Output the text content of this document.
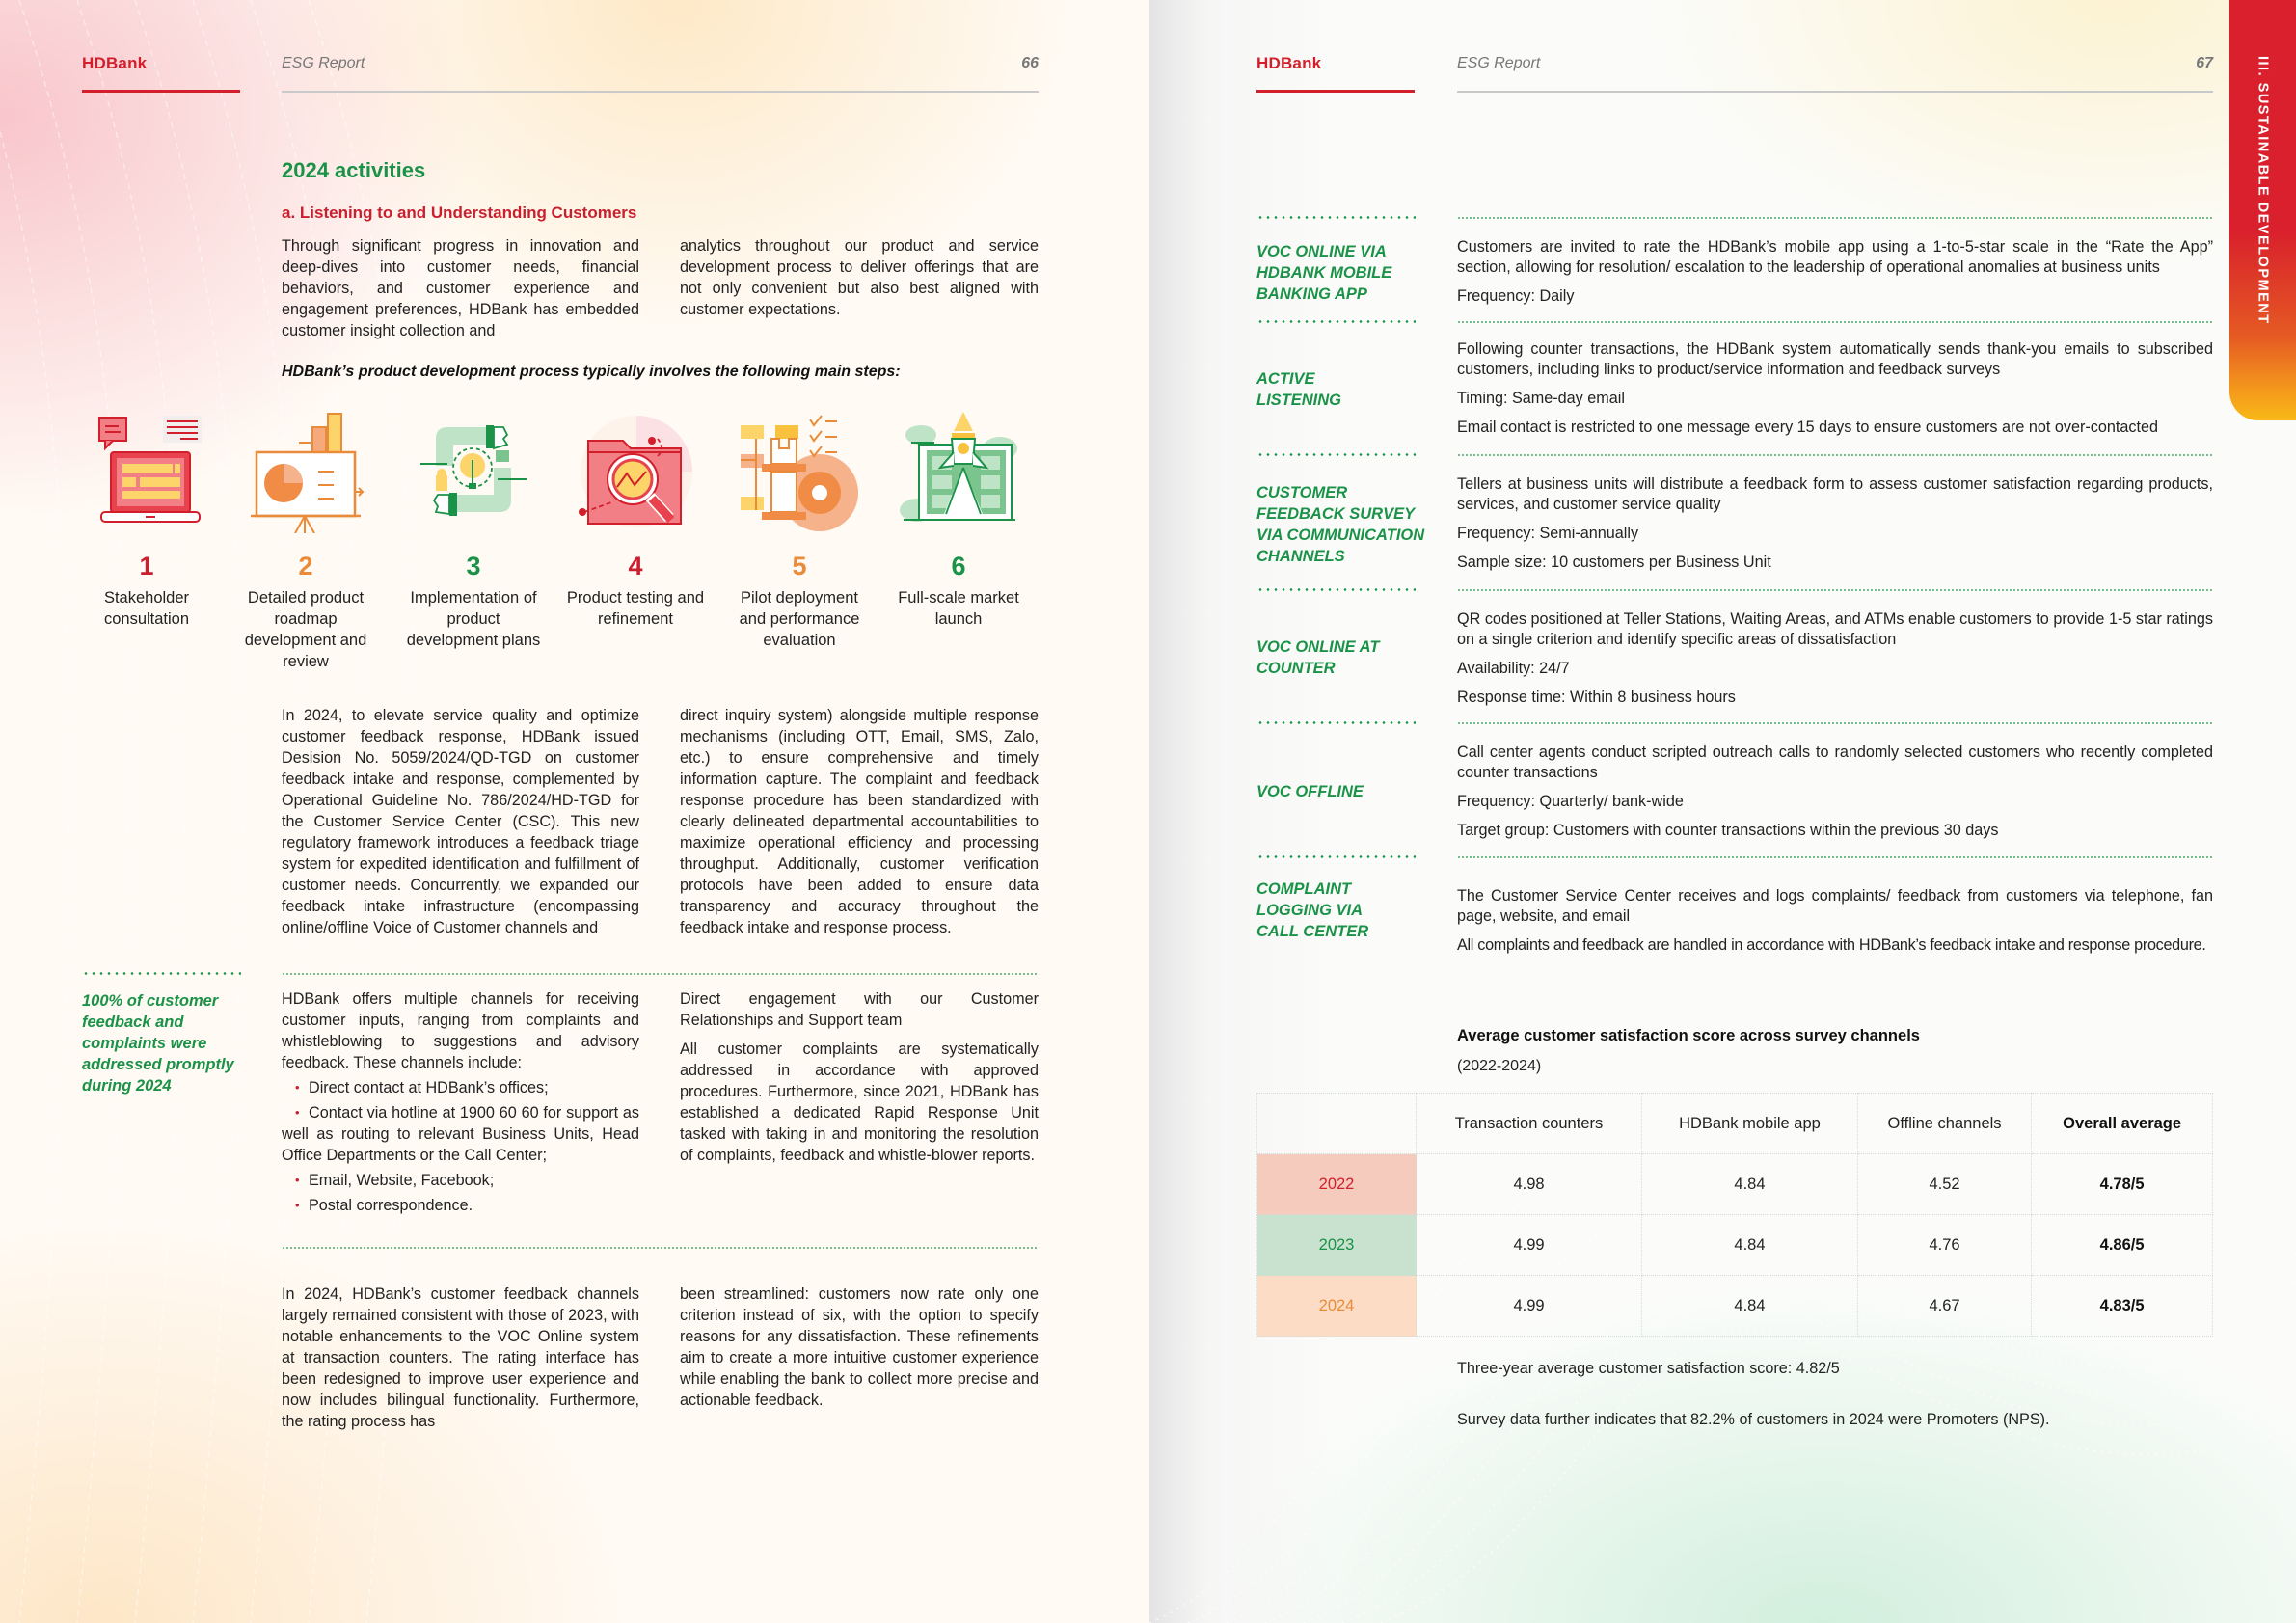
HDBank	ESG Report	66
2024 activities
a. Listening to and Understanding Customers
Through significant progress in innovation and deep-dives into customer needs, financial behaviors, and customer experience and engagement preferences, HDBank has embedded customer insight collection and
analytics throughout our product and service development process to deliver offerings that are not only convenient but also best aligned with customer expectations.
HDBank’s product development process typically involves the following main steps:
1
Stakeholder consultation
2
Detailed product roadmap development and review
3
Implementation of product development plans
4
Product testing and refinement
5
Pilot deployment and performance evaluation
6
Full-scale market launch
In 2024, to elevate service quality and optimize customer feedback response, HDBank issued Desision No. 5059/2024/QD-TGD on customer feedback intake and response, complemented by Operational Guideline No. 786/2024/HD-TGD for the Customer Service Center (CSC). This new regulatory framework introduces a feedback triage system for expedited identification and fulfillment of customer needs. Concurrently, we expanded our feedback intake infrastructure (encompassing online/offline Voice of Customer channels and
direct inquiry system) alongside multiple response mechanisms (including OTT, Email, SMS, Zalo, etc.) to ensure comprehensive and timely information capture. The complaint and feedback response procedure has been standardized with clearly delineated departmental accountabilities to maximize operational efficiency and processing throughput. Additionally, customer verification protocols have been added to ensure data transparency and accuracy throughout the feedback intake and response process.
100% of customer feedback and complaints were addressed promptly during 2024
HDBank offers multiple channels for receiving customer inputs, ranging from complaints and whistleblowing to suggestions and advisory feedback. These channels include:
• Direct contact at HDBank’s offices;
• Contact via hotline at 1900 60 60 for support as well as routing to relevant Business Units, Head Office Departments or the Call Center;
• Email, Website, Facebook;
• Postal correspondence.
Direct engagement with our Customer Relationships and Support team
All customer complaints are systematically addressed in accordance with approved procedures. Furthermore, since 2021, HDBank has established a dedicated Rapid Response Unit tasked with taking in and monitoring the resolution of complaints, feedback and whistle-blower reports.
In 2024, HDBank’s customer feedback channels largely remained consistent with those of 2023, with notable enhancements to the VOC Online system at transaction counters. The rating interface has been redesigned to improve user experience and now includes bilingual functionality. Furthermore, the rating process has
been streamlined: customers now rate only one criterion instead of six, with the option to specify reasons for any dissatisfaction. These refinements aim to create a more intuitive customer experience while enabling the bank to collect more precise and actionable feedback.
HDBank	ESG Report	67	III. SUSTAINABLE DEVELOPMENT
VOC ONLINE VIA HDBANK MOBILE BANKING APP

Customers are invited to rate the HDBank’s mobile app using a 1-to-5-star scale in the “Rate the App” section, allowing for resolution/ escalation to the leadership of operational anomalies at business units

Frequency: Daily

ACTIVE LISTENING

Following counter transactions, the HDBank system automatically sends thank-you emails to subscribed customers, including links to product/service information and feedback surveys

Timing: Same-day email

Email contact is restricted to one message every 15 days to ensure customers are not over-contacted

CUSTOMER FEEDBACK SURVEY VIA COMMUNICATION CHANNELS

Tellers at business units will distribute a feedback form to assess customer satisfaction regarding products, services, and customer service quality

Frequency: Semi-annually

Sample size: 10 customers per Business Unit

VOC ONLINE AT COUNTER

QR codes positioned at Teller Stations, Waiting Areas, and ATMs enable customers to provide 1-5 star ratings on a single criterion and identify specific areas of dissatisfaction

Availability: 24/7

Response time: Within 8 business hours

VOC OFFLINE

Call center agents conduct scripted outreach calls to randomly selected customers who recently completed counter transactions

Frequency: Quarterly/ bank-wide

Target group: Customers with counter transactions within the previous 30 days

COMPLAINT LOGGING VIA CALL CENTER

The Customer Service Center receives and logs complaints/ feedback from customers via telephone, fan page, website, and email

All complaints and feedback are handled in accordance with HDBank’s feedback intake and response procedure.

Average customer satisfaction score across survey channels
(2022-2024)
	Transaction counters	HDBank mobile app	Offline channels	Overall average
2022	4.98	4.84	4.52	4.78/5
2023	4.99	4.84	4.76	4.86/5
2024	4.99	4.84	4.67	4.83/5
Three-year average customer satisfaction score: 4.82/5
Survey data further indicates that 82.2% of customers in 2024 were Promoters (NPS).
